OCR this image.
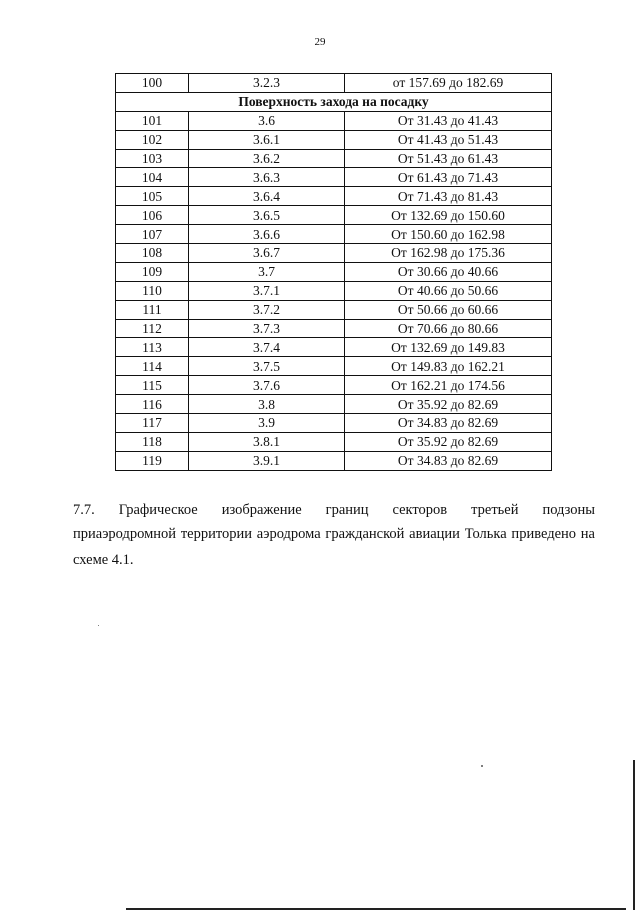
29
100	3.2.3	от 157.69 до 182.69
Поверхность захода на посадку		
101	3.6	От 31.43 до 41.43
102	3.6.1	От 41.43 до 51.43
103	3.6.2	От 51.43 до 61.43
104	3.6.3	От 61.43 до 71.43
105	3.6.4	От 71.43 до 81.43
106	3.6.5	От 132.69 до 150.60
107	3.6.6	От 150.60 до 162.98
108	3.6.7	От 162.98 до 175.36
109	3.7	От 30.66 до 40.66
110	3.7.1	От 40.66 до 50.66
111	3.7.2	От 50.66 до 60.66
112	3.7.3	От 70.66 до 80.66
113	3.7.4	От 132.69 до 149.83
114	3.7.5	От 149.83 до 162.21
115	3.7.6	От 162.21 до 174.56
116	3.8	От 35.92 до 82.69
117	3.9	От 34.83 до 82.69
118	3.8.1	От 35.92 до 82.69
119	3.9.1	От 34.83 до 82.69
7.7. Графическое изображение границ секторов третьей подзоны
приаэродромной территории аэродрома гражданской авиации Толька приведено на
схеме 4.1.
